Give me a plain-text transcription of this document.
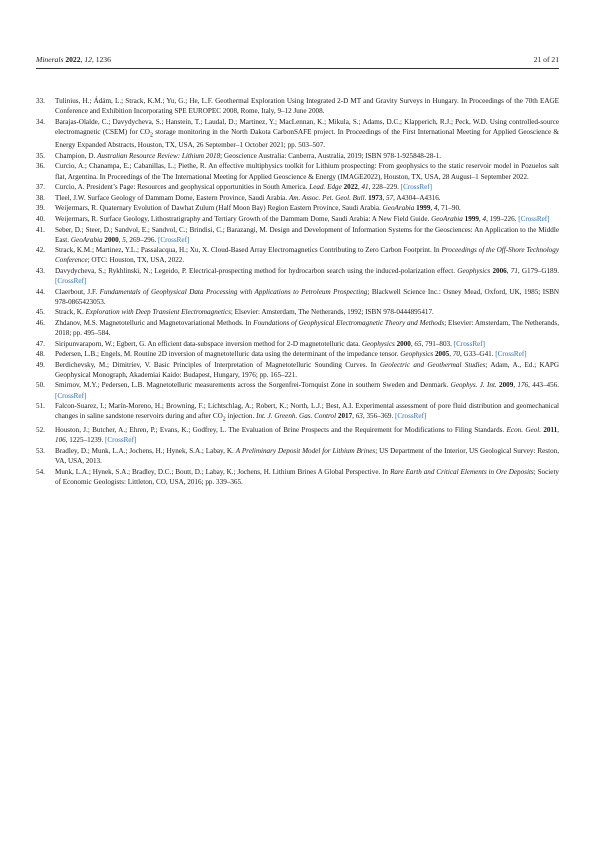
Minerals 2022, 12, 1236	21 of 21
33. Tulinius, H.; Ádám, L.; Strack, K.M.; Yu, G.; He, L.F. Geothermal Exploration Using Integrated 2-D MT and Gravity Surveys in Hungary. In Proceedings of the 70th EAGE Conference and Exhibition Incorporating SPE EUROPEC 2008, Rome, Italy, 9–12 June 2008.
34. Barajas-Olalde, C.; Davydycheva, S.; Hanstein, T.; Laudal, D.; Martinez, Y.; MacLennan, K.; Mikula, S.; Adams, D.C.; Klapperich, R.J.; Peck, W.D. Using controlled-source electromagnetic (CSEM) for $CO_2$ storage monitoring in the North Dakota CarbonSAFE project. In Proceedings of the First International Meeting for Applied Geoscience & Energy Expanded Abstracts, Houston, TX, USA, 26 September–1 October 2021; pp. 503–507.
35. Champion, D. Australian Resource Review: Lithium 2018; Geoscience Australia: Canberra, Australia, 2019; ISBN 978-1-925848-28-1.
36. Curcio, A.; Chanampa, E.; Cabanillas, L.; Piethe, R. An effective multiphysics toolkit for Lithium prospecting: From geophysics to the static reservoir model in Pozuelos salt flat, Argentina. In Proceedings of the The International Meeting for Applied Geoscience & Energy (IMAGE2022), Houston, TX, USA, 28 August–1 September 2022.
37. Curcio, A. President’s Page: Resources and geophysical opportunities in South America. Lead. Edge 2022, 41, 228–229. [CrossRef]
38. Tleel, J.W. Surface Geology of Dammam Dome, Eastern Province, Saudi Arabia. Am. Assoc. Pet. Geol. Bull. 1973, 57, A4304–A4316.
39. Weijermars, R. Quaternary Evolution of Dawhat Zulum (Half Moon Bay) Region Eastern Province, Saudi Arabia. GeoArabia 1999, 4, 71–90.
40. Weijermars, R. Surface Geology, Lithostratigraphy and Tertiary Growth of the Dammam Dome, Saudi Arabia: A New Field Guide. GeoArabia 1999, 4, 199–226. [CrossRef]
41. Seber, D.; Steer, D.; Sandvol, E.; Sandvol, C.; Brindisi, C.; Barazangi, M. Design and Development of Information Systems for the Geosciences: An Application to the Middle East. GeoArabia 2000, 5, 269–296. [CrossRef]
42. Strack, K.M.; Martinez, Y.L.; Passalacqua, H.; Xu, X. Cloud-Based Array Electromagnetics Contributing to Zero Carbon Footprint. In Proceedings of the Off-Shore Technology Conference; OTC: Houston, TX, USA, 2022.
43. Davydycheva, S.; Rykhlinski, N.; Legeido, P. Electrical-prospecting method for hydrocarbon search using the induced-polarization effect. Geophysics 2006, 71, G179–G189. [CrossRef]
44. Claerbout, J.F. Fundamentals of Geophysical Data Processing with Applications to Petroleum Prospecting; Blackwell Science Inc.: Osney Mead, Oxford, UK, 1985; ISBN 978-0865423053.
45. Strack, K. Exploration with Deep Transient Electromagnetics; Elsevier: Amsterdam, The Netherands, 1992; ISBN 978-0444895417.
46. Zhdanov, M.S. Magnetotelluric and Magnetovariational Methods. In Foundations of Geophysical Electromagnetic Theory and Methods; Elsevier: Amsterdam, The Netherands, 2018; pp. 495–584.
47. Siripunvaraporn, W.; Egbert, G. An efficient data-subspace inversion method for 2-D magnetotelluric data. Geophysics 2000, 65, 791–803. [CrossRef]
48. Pedersen, L.B.; Engels, M. Routine 2D inversion of magnetotelluric data using the determinant of the impedance tensor. Geophysics 2005, 70, G33–G41. [CrossRef]
49. Berdichevsky, M.; Dimitriev, V. Basic Principles of Interpretation of Magnetotelluric Sounding Curves. In Geolectric and Geothermal Studies; Adam, A., Ed.; KAPG Geophysical Monograph, Akademiai Kaido: Budapest, Hungary, 1976; pp. 165–221.
50. Smirnov, M.Y.; Pedersen, L.B. Magnetotelluric measurements across the Sorgenfrei-Tornquist Zone in southern Sweden and Denmark. Geophys. J. Int. 2009, 176, 443–456. [CrossRef]
51. Falcon-Suarez, I.; Marín-Moreno, H.; Browning, F.; Lichtschlag, A.; Robert, K.; North, L.J.; Best, A.I. Experimental assessment of pore fluid distribution and geomechanical changes in saline sandstone reservoirs during and after $CO_2$ injection. Int. J. Greenh. Gas. Control 2017, 63, 356–369. [CrossRef]
52. Houston, J.; Butcher, A.; Ehren, P.; Evans, K.; Godfrey, L. The Evaluation of Brine Prospects and the Requirement for Modifications to Filing Standards. Econ. Geol. 2011, 106, 1225–1239. [CrossRef]
53. Bradley, D.; Munk, L.A.; Jochens, H.; Hynek, S.A.; Labay, K. A Preliminary Deposit Model for Lithium Brines; US Department of the Interior, US Geological Survey: Reston, VA, USA, 2013.
54. Munk, L.A.; Hynek, S.A.; Bradley, D.C.; Boutt, D.; Labay, K.; Jochens, H. Lithium Brines A Global Perspective. In Rare Earth and Critical Elements in Ore Deposits; Society of Economic Geologists: Littleton, CO, USA, 2016; pp. 339–365.
